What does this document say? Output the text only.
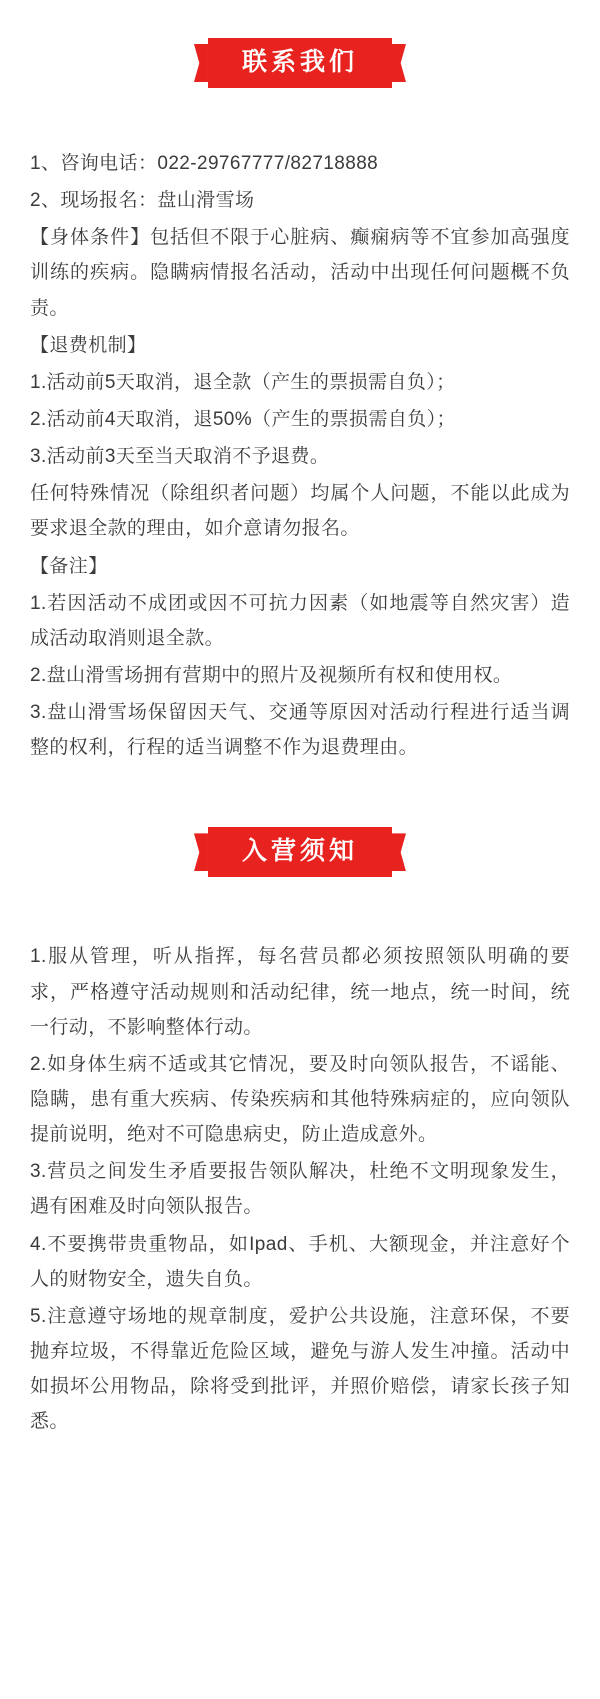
联系我们

1、咨询电话：022-29767777/82718888

2、现场报名：盘山滑雪场

【身体条件】包括但不限于心脏病、癫痫病等不宜参加高强度训练的疾病。隐瞒病情报名活动，活动中出现任何问题概不负责。

【退费机制】

1.活动前5天取消，退全款（产生的票损需自负）；

2.活动前4天取消，退50%（产生的票损需自负）；

3.活动前3天至当天取消不予退费。

任何特殊情况（除组织者问题）均属个人问题，不能以此成为要求退全款的理由，如介意请勿报名。

【备注】

1.若因活动不成团或因不可抗力因素（如地震等自然灾害）造成活动取消则退全款。

2.盘山滑雪场拥有营期中的照片及视频所有权和使用权。

3.盘山滑雪场保留因天气、交通等原因对活动行程进行适当调整的权利，行程的适当调整不作为退费理由。

入营须知

1.服从管理，听从指挥，每名营员都必须按照领队明确的要求，严格遵守活动规则和活动纪律，统一地点，统一时间，统一行动，不影响整体行动。

2.如身体生病不适或其它情况，要及时向领队报告，不谣能、隐瞒，患有重大疾病、传染疾病和其他特殊病症的，应向领队提前说明，绝对不可隐患病史，防止造成意外。

3.营员之间发生矛盾要报告领队解决，杜绝不文明现象发生，遇有困难及时向领队报告。

4.不要携带贵重物品，如Ipad、手机、大额现金，并注意好个人的财物安全，遗失自负。

5.注意遵守场地的规章制度，爱护公共设施，注意环保，不要抛弃垃圾，不得靠近危险区域，避免与游人发生冲撞。活动中如损坏公用物品，除将受到批评，并照价赔偿，请家长孩子知悉。
